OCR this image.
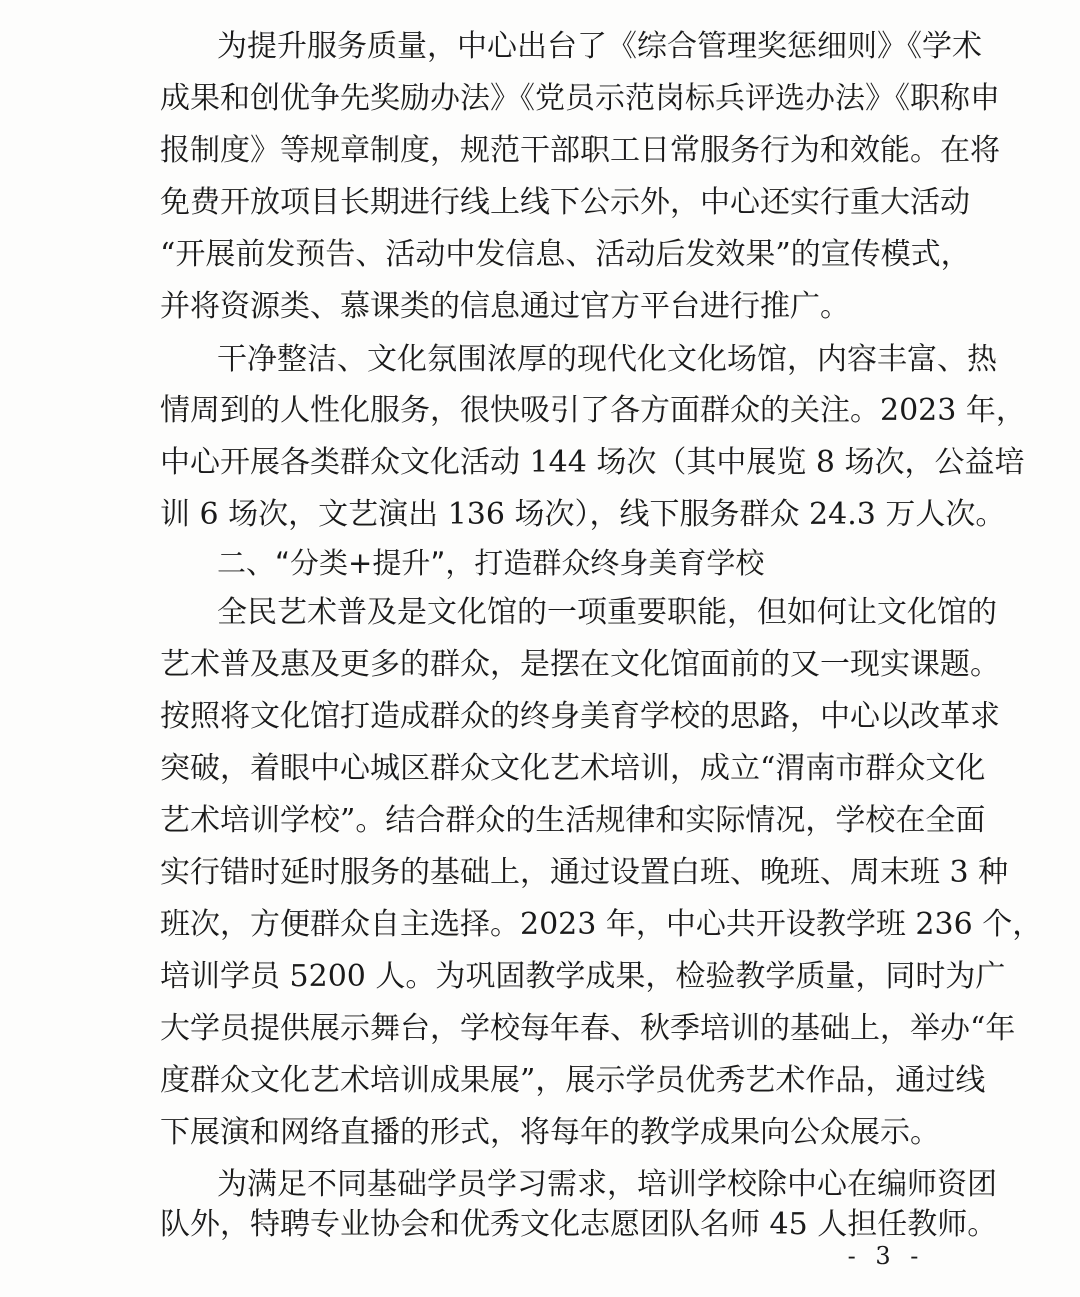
为提升服务质量，中心出台了《综合管理奖惩细则》《学术
成果和创优争先奖励办法》《党员示范岗标兵评选办法》《职称申
报制度》等规章制度，规范干部职工日常服务行为和效能。在将
免费开放项目长期进行线上线下公示外，中心还实行重大活动
“开展前发预告、活动中发信息、活动后发效果”的宣传模式，
并将资源类、慕课类的信息通过官方平台进行推广。
干净整洁、文化氛围浓厚的现代化文化场馆，内容丰富、热
情周到的人性化服务，很快吸引了各方面群众的关注。2023 年，
中心开展各类群众文化活动 144 场次（其中展览 8 场次，公益培
训 6 场次，文艺演出 136 场次），线下服务群众 24.3 万人次。
二、“分类+提升”，打造群众终身美育学校
全民艺术普及是文化馆的一项重要职能，但如何让文化馆的
艺术普及惠及更多的群众，是摆在文化馆面前的又一现实课题。
按照将文化馆打造成群众的终身美育学校的思路，中心以改革求
突破，着眼中心城区群众文化艺术培训，成立“渭南市群众文化
艺术培训学校”。结合群众的生活规律和实际情况，学校在全面
实行错时延时服务的基础上，通过设置白班、晚班、周末班 3 种
班次，方便群众自主选择。2023 年，中心共开设教学班 236 个，
培训学员 5200 人。为巩固教学成果，检验教学质量，同时为广
大学员提供展示舞台，学校每年春、秋季培训的基础上，举办“年
度群众文化艺术培训成果展”，展示学员优秀艺术作品，通过线
下展演和网络直播的形式，将每年的教学成果向公众展示。
为满足不同基础学员学习需求，培训学校除中心在编师资团
队外，特聘专业协会和优秀文化志愿团队名师 45 人担任教师。
- 3 -
